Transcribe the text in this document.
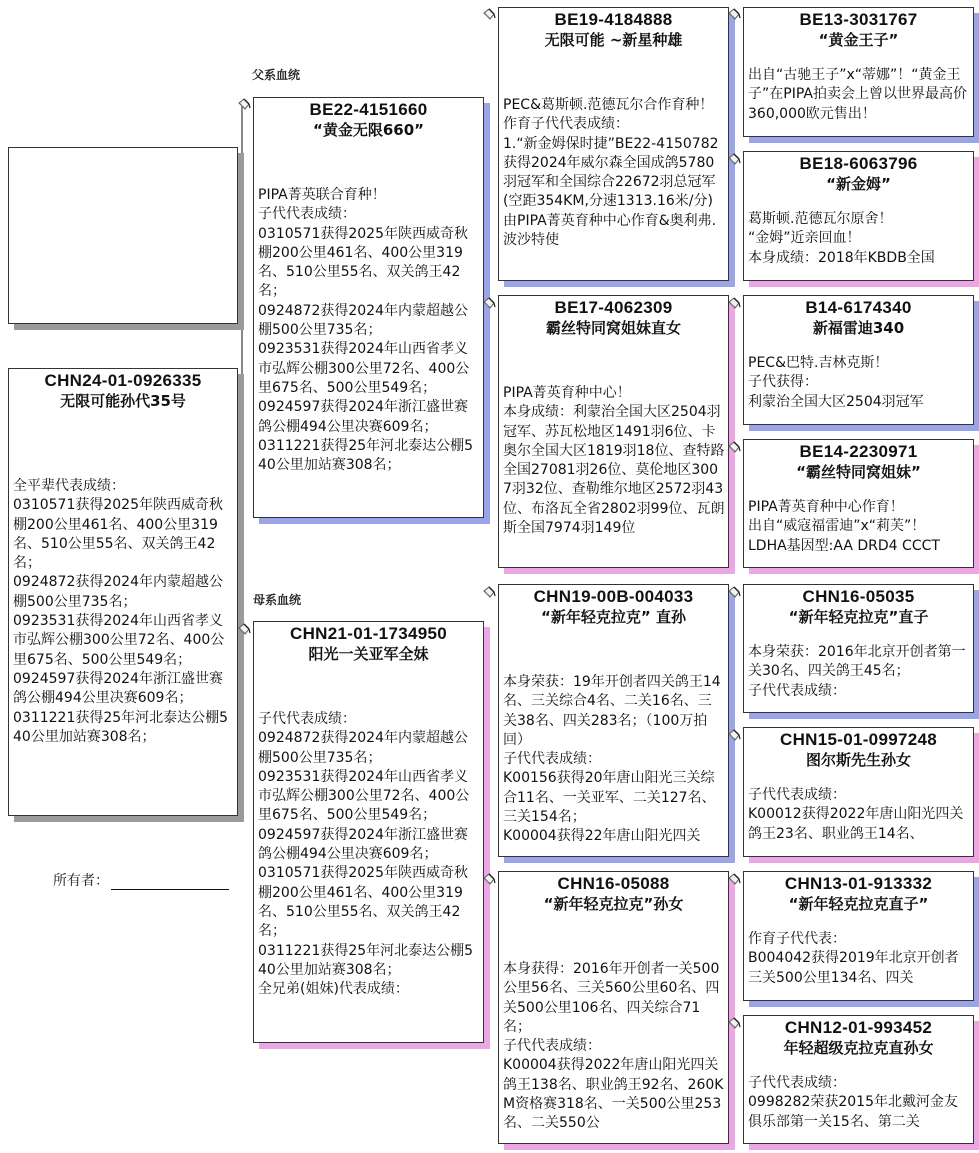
CHN24-01-0926335
无限可能孙代35号
全平辈代表成绩：
0310571获得2025年陕西威奇秋棚200公里461名、400公里319名、510公里55名、双关鸽王42名；
0924872获得2024年内蒙超越公棚500公里735名；
0923531获得2024年山西省孝义市弘辉公棚300公里72名、400公里675名、500公里549名；
0924597获得2024年浙江盛世赛鸽公棚494公里决赛609名；
0311221获得25年河北泰达公棚540公里加站赛308名；
所有者：
父系血统
母系血统
BE22-4151660
“黄金无限660”
PIPA菁英联合育种！
子代代表成绩：
0310571获得2025年陕西威奇秋棚200公里461名、400公里319名、510公里55名、双关鸽王42名；
0924872获得2024年内蒙超越公棚500公里735名；
0923531获得2024年山西省孝义市弘辉公棚300公里72名、400公里675名、500公里549名；
0924597获得2024年浙江盛世赛鸽公棚494公里决赛609名；
0311221获得25年河北泰达公棚540公里加站赛308名；
CHN21-01-1734950
阳光一关亚军全妹
子代代表成绩：
0924872获得2024年内蒙超越公棚500公里735名；
0923531获得2024年山西省孝义市弘辉公棚300公里72名、400公里675名、500公里549名；
0924597获得2024年浙江盛世赛鸽公棚494公里决赛609名；
0310571获得2025年陕西威奇秋棚200公里461名、400公里319名、510公里55名、双关鸽王42名；
0311221获得25年河北泰达公棚540公里加站赛308名；
全兄弟(姐妹)代表成绩：
BE19-4184888
无限可能 ~新星种雄
PEC&葛斯顿.范德瓦尔合作育种！
作育子代代表成绩：
1.“新金姆保时捷”BE22-4150782获得2024年威尔森全国成鸽5780羽冠军和全国综合22672羽总冠军(空距354KM,分速1313.16米/分)由PIPA菁英育种中心作育&奥利弗.波沙特使
BE17-4062309
霸丝特同窝姐妹直女
PIPA菁英育种中心！
本身成绩：利蒙治全国大区2504羽冠军、苏瓦松地区1491羽6位、卡奥尔全国大区1819羽18位、查特路全国27081羽26位、莫伦地区3007羽32位、查勒维尔地区2572羽43位、布洛瓦全省2802羽99位、瓦朗斯全国7974羽149位
CHN19-00B-004033
“新年轻克拉克” 直孙
本身荣获：19年开创者四关鸽王14名、三关综合4名、二关16名、三关38名、四关283名；（100万拍回）
子代代表成绩：
K00156获得20年唐山阳光三关综合11名、一关亚军、二关127名、三关154名；
K00004获得22年唐山阳光四关
CHN16-05088
“新年轻克拉克”孙女
本身获得：2016年开创者一关500公里56名、三关560公里60名、四关500公里106名、四关综合71名；
子代代表成绩：
K00004获得2022年唐山阳光四关鸽王138名、职业鸽王92名、260KM资格赛318名、一关500公里253名、二关550公
BE13-3031767
“黄金王子”
出自“古驰王子”x“蒂娜”！“黄金王子”在PIPA拍卖会上曾以世界最高价360,000欧元售出！
BE18-6063796
“新金姆”
葛斯顿.范德瓦尔原舍！
“金姆”近亲回血！
本身成绩：2018年KBDB全国
B14-6174340
新福雷迪340
PEC&巴特.吉林克斯！
子代获得：
利蒙治全国大区2504羽冠军
BE14-2230971
“霸丝特同窝姐妹”
PIPA菁英育种中心作育！
出自“威寇福雷迪”x“莉芙”！
LDHA基因型:AA DRD4 CCCT
CHN16-05035
“新年轻克拉克”直子
本身荣获：2016年北京开创者第一关30名、四关鸽王45名；
子代代表成绩：
CHN15-01-0997248
图尔斯先生孙女
子代代表成绩：
K00012获得2022年唐山阳光四关鸽王23名、职业鸽王14名、
CHN13-01-913332
“新年轻克拉克直子”
作育子代代表：
B004042获得2019年北京开创者三关500公里134名、四关
CHN12-01-993452
年轻超级克拉克直孙女
子代代表成绩：
0998282荣获2015年北戴河金友俱乐部第一关15名、第二关
